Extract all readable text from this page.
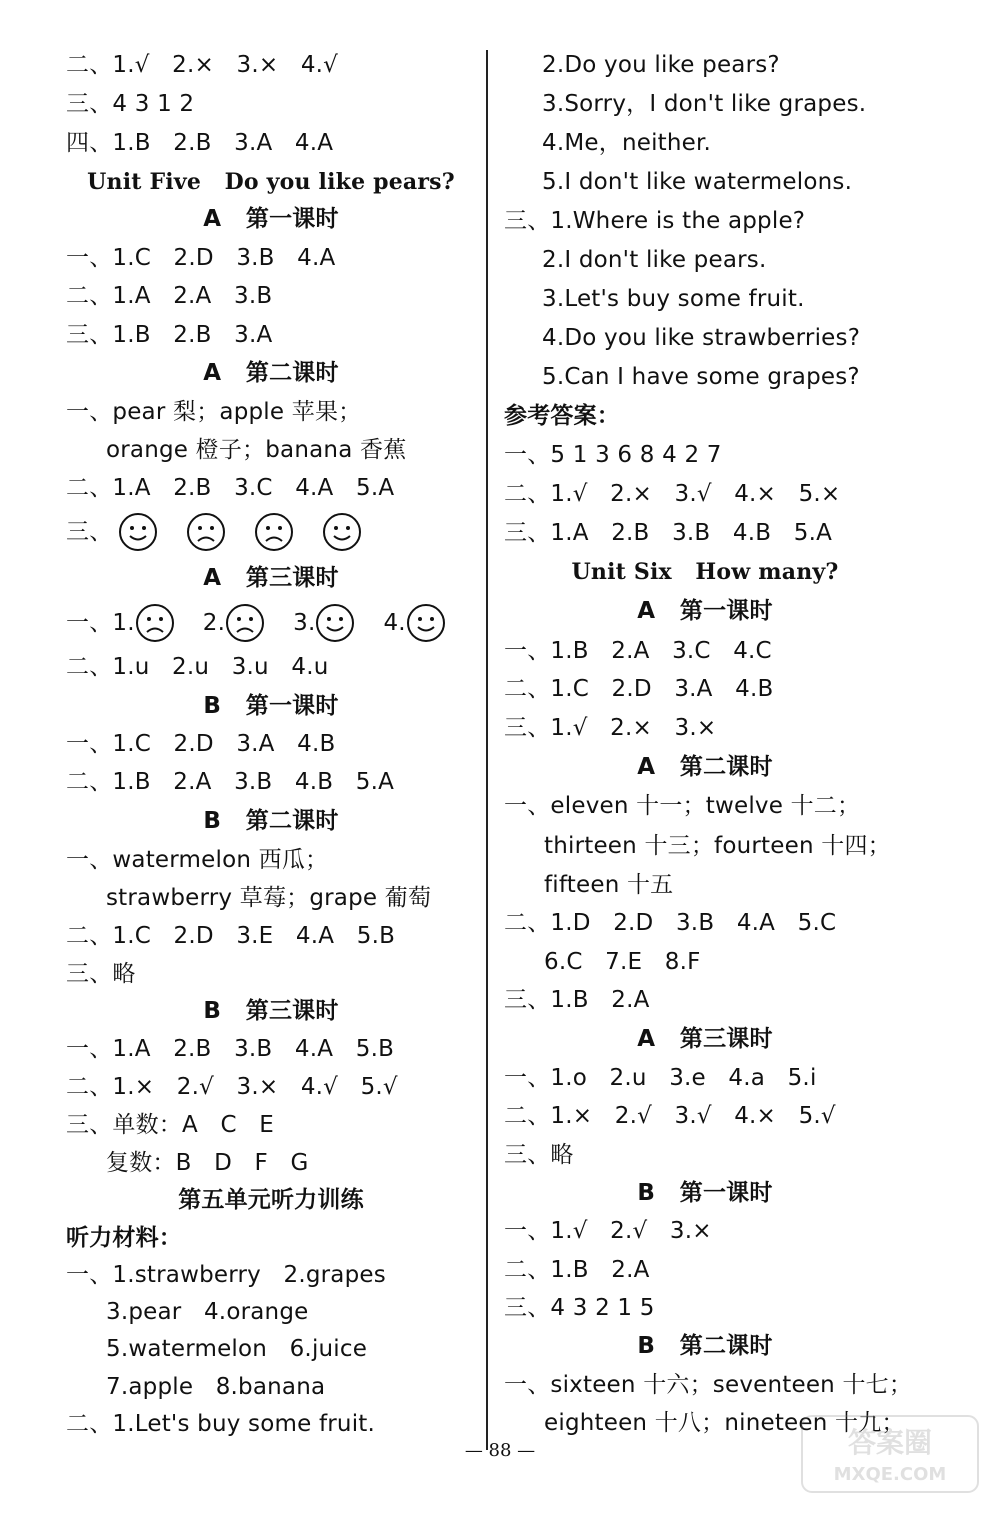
二、1.√   2.×   3.×   4.√
三、4 3 1 2
四、1.B   2.B   3.A   4.A
Unit Five   Do you like pears?
A   第一课时
一、1.C   2.D   3.B   4.A
二、1.A   2.A   3.B
三、1.B   2.B   3.A
A   第二课时
一、pear 梨；apple 苹果；
orange 橙子；banana 香蕉
二、1.A   2.B   3.C   4.A   5.A
三、
A   第三课时
一、1.	2.	3.	4.
二、1.u   2.u   3.u   4.u
B   第一课时
一、1.C   2.D   3.A   4.B
二、1.B   2.A   3.B   4.B   5.A
B   第二课时
一、watermelon 西瓜；
strawberry 草莓；grape 葡萄
二、1.C   2.D   3.E   4.A   5.B
三、略
B   第三课时
一、1.A   2.B   3.B   4.A   5.B
二、1.×   2.√   3.×   4.√   5.√
三、单数：A   C   E
复数：B   D   F   G
第五单元听力训练
听力材料：
一、1.strawberry   2.grapes
3.pear   4.orange
5.watermelon   6.juice
7.apple   8.banana
二、1.Let's buy some fruit.
2.Do you like pears?
3.Sorry，I don't like grapes.
4.Me，neither.
5.I don't like watermelons.
三、1.Where is the apple?
2.I don't like pears.
3.Let's buy some fruit.
4.Do you like strawberries?
5.Can I have some grapes?
参考答案：
一、5 1 3 6 8 4 2 7
二、1.√   2.×   3.√   4.×   5.×
三、1.A   2.B   3.B   4.B   5.A
Unit Six   How many?
A   第一课时
一、1.B   2.A   3.C   4.C
二、1.C   2.D   3.A   4.B
三、1.√   2.×   3.×
A   第二课时
一、eleven 十一；twelve 十二；
thirteen 十三；fourteen 十四；
fifteen 十五
二、1.D   2.D   3.B   4.A   5.C
6.C   7.E   8.F
三、1.B   2.A
A   第三课时
一、1.o   2.u   3.e   4.a   5.i
二、1.×   2.√   3.√   4.×   5.√
三、略
B   第一课时
一、1.√   2.√   3.×
二、1.B   2.A
三、4 3 2 1 5
B   第二课时
一、sixteen 十六；seventeen 十七；
eighteen 十八；nineteen 十九；
— 88 —	答案圈
MXQE.COM
